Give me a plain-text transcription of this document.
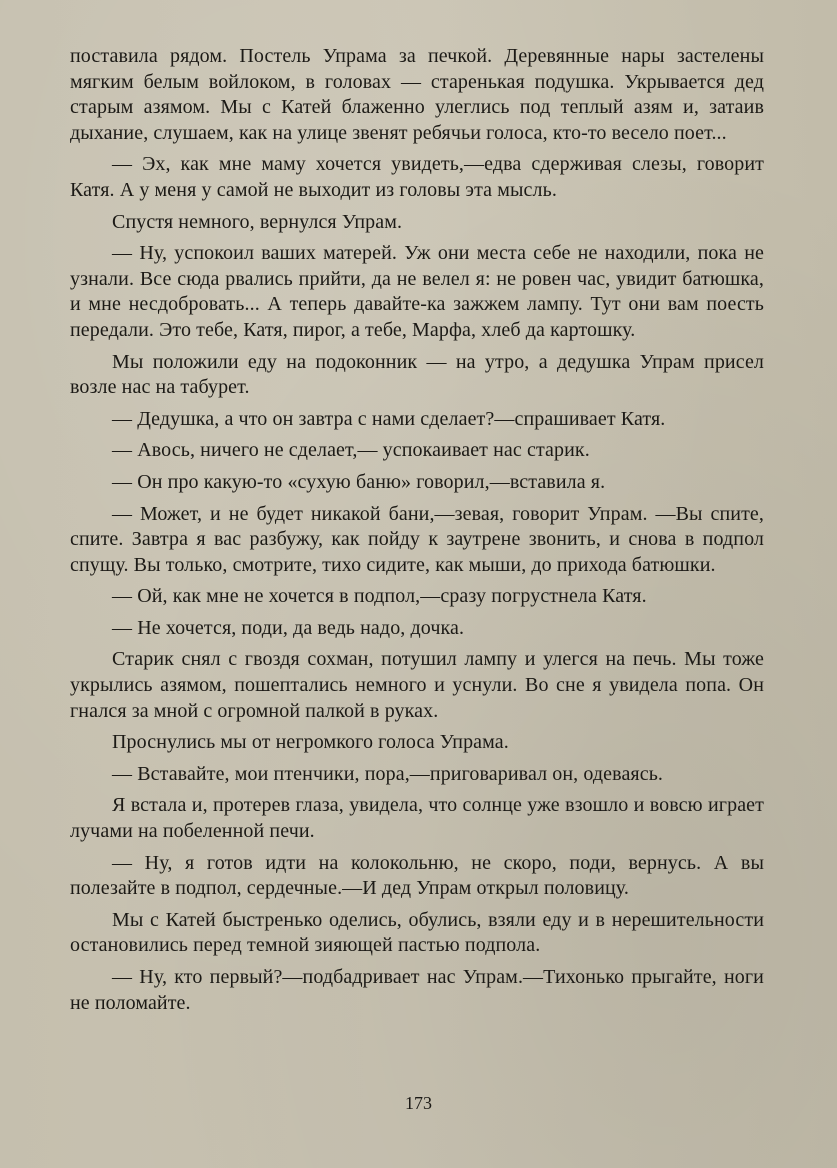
поставила рядом. Постель Упрама за печкой. Деревянные нары застелены мягким белым войлоком, в головах — старенькая подушка. Укрывается дед старым азямом. Мы с Катей блаженно улеглись под теплый азям и, затаив дыхание, слушаем, как на улице звенят ребячьи голоса, кто-то весело поет...

— Эх, как мне маму хочется увидеть,—едва сдерживая слезы, говорит Катя. А у меня у самой не выходит из головы эта мысль.

Спустя немного, вернулся Упрам.

— Ну, успокоил ваших матерей. Уж они места себе не находили, пока не узнали. Все сюда рвались прийти, да не велел я: не ровен час, увидит батюшка, и мне несдобровать... А теперь давайте-ка зажжем лампу. Тут они вам поесть передали. Это тебе, Катя, пирог, а тебе, Марфа, хлеб да картошку.

Мы положили еду на подоконник — на утро, а дедушка Упрам присел возле нас на табурет.

— Дедушка, а что он завтра с нами сделает?—спрашивает Катя.

— Авось, ничего не сделает,— успокаивает нас старик.

— Он про какую-то «сухую баню» говорил,—вставила я.

— Может, и не будет никакой бани,—зевая, говорит Упрам. —Вы спите, спите. Завтра я вас разбужу, как пойду к заутрене звонить, и снова в подпол спущу. Вы только, смотрите, тихо сидите, как мыши, до прихода батюшки.

— Ой, как мне не хочется в подпол,—сразу погрустнела Катя.

— Не хочется, поди, да ведь надо, дочка.

Старик снял с гвоздя сохман, потушил лампу и улегся на печь. Мы тоже укрылись азямом, пошептались немного и уснули. Во сне я увидела попа. Он гнался за мной с огромной палкой в руках.

Проснулись мы от негромкого голоса Упрама.

— Вставайте, мои птенчики, пора,—приговаривал он, одеваясь.

Я встала и, протерев глаза, увидела, что солнце уже взошло и вовсю играет лучами на побеленной печи.

— Ну, я готов идти на колокольню, не скоро, поди, вернусь. А вы полезайте в подпол, сердечные.—И дед Упрам открыл половицу.

Мы с Катей быстренько оделись, обулись, взяли еду и в нерешительности остановились перед темной зияющей пастью подпола.

— Ну, кто первый?—подбадривает нас Упрам.—Тихонько прыгайте, ноги не поломайте.

173
